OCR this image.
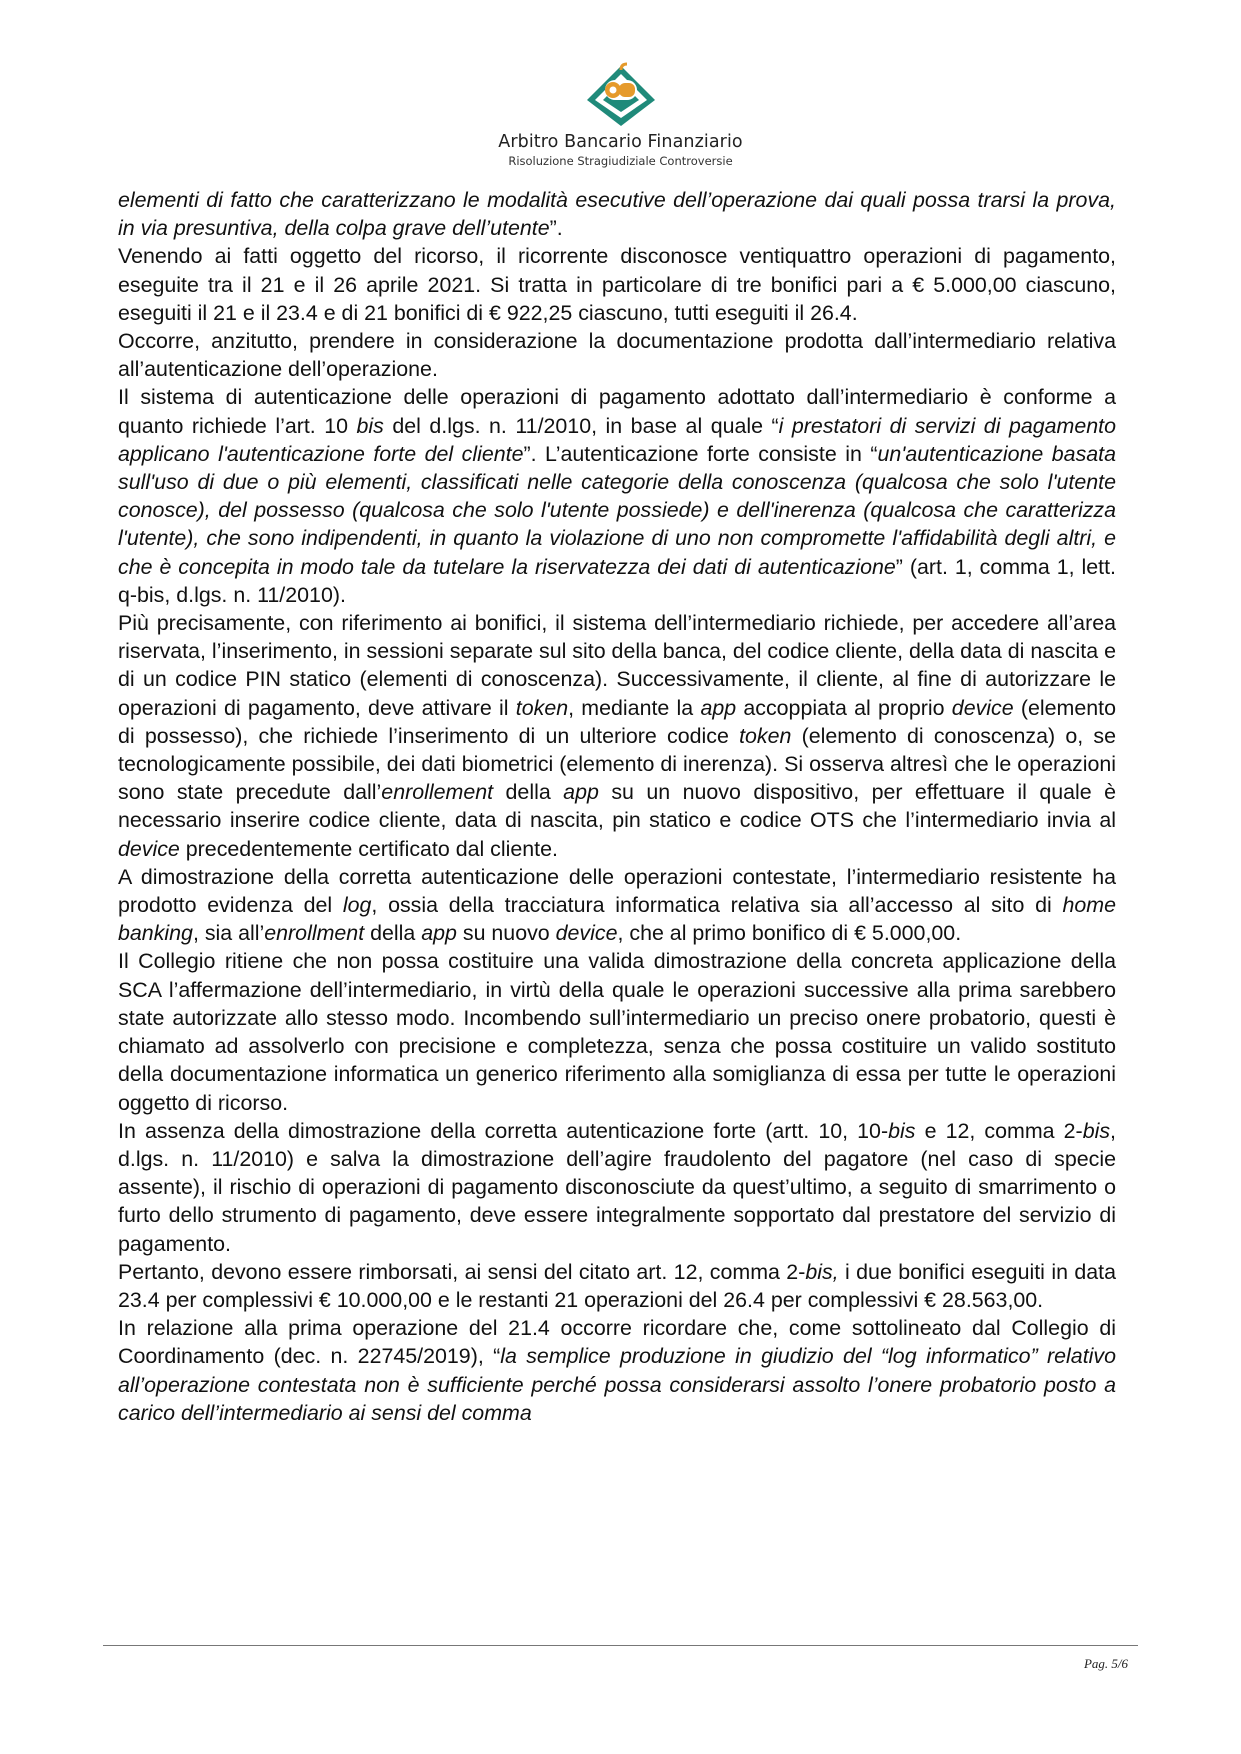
Arbitro Bancario Finanziario
Risoluzione Stragiudiziale Controversie

elementi di fatto che caratterizzano le modalità esecutive dell’operazione dai quali possa trarsi la prova, in via presuntiva, della colpa grave dell’utente”.

Venendo ai fatti oggetto del ricorso, il ricorrente disconosce ventiquattro operazioni di pagamento, eseguite tra il 21 e il 26 aprile 2021. Si tratta in particolare di tre bonifici pari a € 5.000,00 ciascuno, eseguiti il 21 e il 23.4 e di 21 bonifici di € 922,25 ciascuno, tutti eseguiti il 26.4.

Occorre, anzitutto, prendere in considerazione la documentazione prodotta dall’intermediario relativa all’autenticazione dell’operazione.

Il sistema di autenticazione delle operazioni di pagamento adottato dall’intermediario è conforme a quanto richiede l’art. 10 bis del d.lgs. n. 11/2010, in base al quale “i prestatori di servizi di pagamento applicano l'autenticazione forte del cliente”. L’autenticazione forte consiste in “un'autenticazione basata sull'uso di due o più elementi, classificati nelle categorie della conoscenza (qualcosa che solo l'utente conosce), del possesso (qualcosa che solo l'utente possiede) e dell'inerenza (qualcosa che caratterizza l'utente), che sono indipendenti, in quanto la violazione di uno non compromette l'affidabilità degli altri, e che è concepita in modo tale da tutelare la riservatezza dei dati di autenticazione” (art. 1, comma 1, lett. q-bis, d.lgs. n. 11/2010).

Più precisamente, con riferimento ai bonifici, il sistema dell’intermediario richiede, per accedere all’area riservata, l’inserimento, in sessioni separate sul sito della banca, del codice cliente, della data di nascita e di un codice PIN statico (elementi di conoscenza). Successivamente, il cliente, al fine di autorizzare le operazioni di pagamento, deve attivare il token, mediante la app accoppiata al proprio device (elemento di possesso), che richiede l’inserimento di un ulteriore codice token (elemento di conoscenza) o, se tecnologicamente possibile, dei dati biometrici (elemento di inerenza). Si osserva altresì che le operazioni sono state precedute dall’enrollement della app su un nuovo dispositivo, per effettuare il quale è necessario inserire codice cliente, data di nascita, pin statico e codice OTS che l’intermediario invia al device precedentemente certificato dal cliente.

A dimostrazione della corretta autenticazione delle operazioni contestate, l’intermediario resistente ha prodotto evidenza del log, ossia della tracciatura informatica relativa sia all’accesso al sito di home banking, sia all’enrollment della app su nuovo device, che al primo bonifico di € 5.000,00.

Il Collegio ritiene che non possa costituire una valida dimostrazione della concreta applicazione della SCA l’affermazione dell’intermediario, in virtù della quale le operazioni successive alla prima sarebbero state autorizzate allo stesso modo. Incombendo sull’intermediario un preciso onere probatorio, questi è chiamato ad assolverlo con precisione e completezza, senza che possa costituire un valido sostituto della documentazione informatica un generico riferimento alla somiglianza di essa per tutte le operazioni oggetto di ricorso.

In assenza della dimostrazione della corretta autenticazione forte (artt. 10, 10-bis e 12, comma 2-bis, d.lgs. n. 11/2010) e salva la dimostrazione dell’agire fraudolento del pagatore (nel caso di specie assente), il rischio di operazioni di pagamento disconosciute da quest’ultimo, a seguito di smarrimento o furto dello strumento di pagamento, deve essere integralmente sopportato dal prestatore del servizio di pagamento.

Pertanto, devono essere rimborsati, ai sensi del citato art. 12, comma 2-bis, i due bonifici eseguiti in data 23.4 per complessivi € 10.000,00 e le restanti 21 operazioni del 26.4 per complessivi € 28.563,00.

In relazione alla prima operazione del 21.4 occorre ricordare che, come sottolineato dal Collegio di Coordinamento (dec. n. 22745/2019), “la semplice produzione in giudizio del “log informatico” relativo all’operazione contestata non è sufficiente perché possa considerarsi assolto l’onere probatorio posto a carico dell’intermediario ai sensi del comma

Pag. 5/6
